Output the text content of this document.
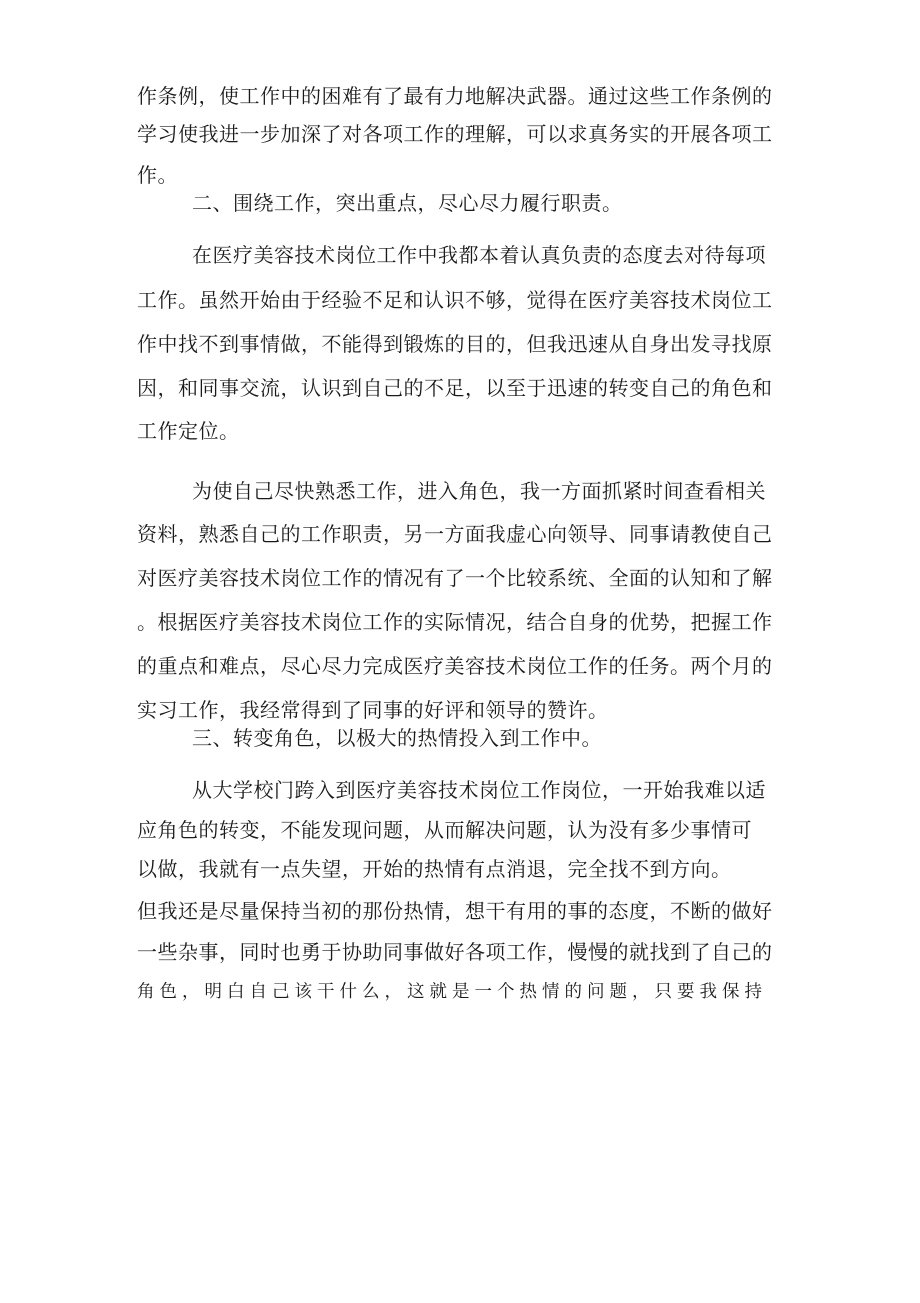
作条例，使工作中的困难有了最有力地解决武器。通过这些工作条例的
学习使我进一步加深了对各项工作的理解，可以求真务实的开展各项工
作。
二、围绕工作，突出重点，尽心尽力履行职责。
在医疗美容技术岗位工作中我都本着认真负责的态度去对待每项
工作。虽然开始由于经验不足和认识不够，觉得在医疗美容技术岗位工
作中找不到事情做，不能得到锻炼的目的，但我迅速从自身出发寻找原
因，和同事交流，认识到自己的不足，以至于迅速的转变自己的角色和
工作定位。
为使自己尽快熟悉工作，进入角色，我一方面抓紧时间查看相关
资料，熟悉自己的工作职责，另一方面我虚心向领导、同事请教使自己
对医疗美容技术岗位工作的情况有了一个比较系统、全面的认知和了解
。根据医疗美容技术岗位工作的实际情况，结合自身的优势，把握工作
的重点和难点，尽心尽力完成医疗美容技术岗位工作的任务。两个月的
实习工作，我经常得到了同事的好评和领导的赞许。
三、转变角色，以极大的热情投入到工作中。
从大学校门跨入到医疗美容技术岗位工作岗位，一开始我难以适
应角色的转变，不能发现问题，从而解决问题，认为没有多少事情可
以做，我就有一点失望，开始的热情有点消退，完全找不到方向。
但我还是尽量保持当初的那份热情，想干有用的事的态度，不断的做好
一些杂事，同时也勇于协助同事做好各项工作，慢慢的就找到了自己的
角色，明白自己该干什么，这就是一个热情的问题，只要我保持
